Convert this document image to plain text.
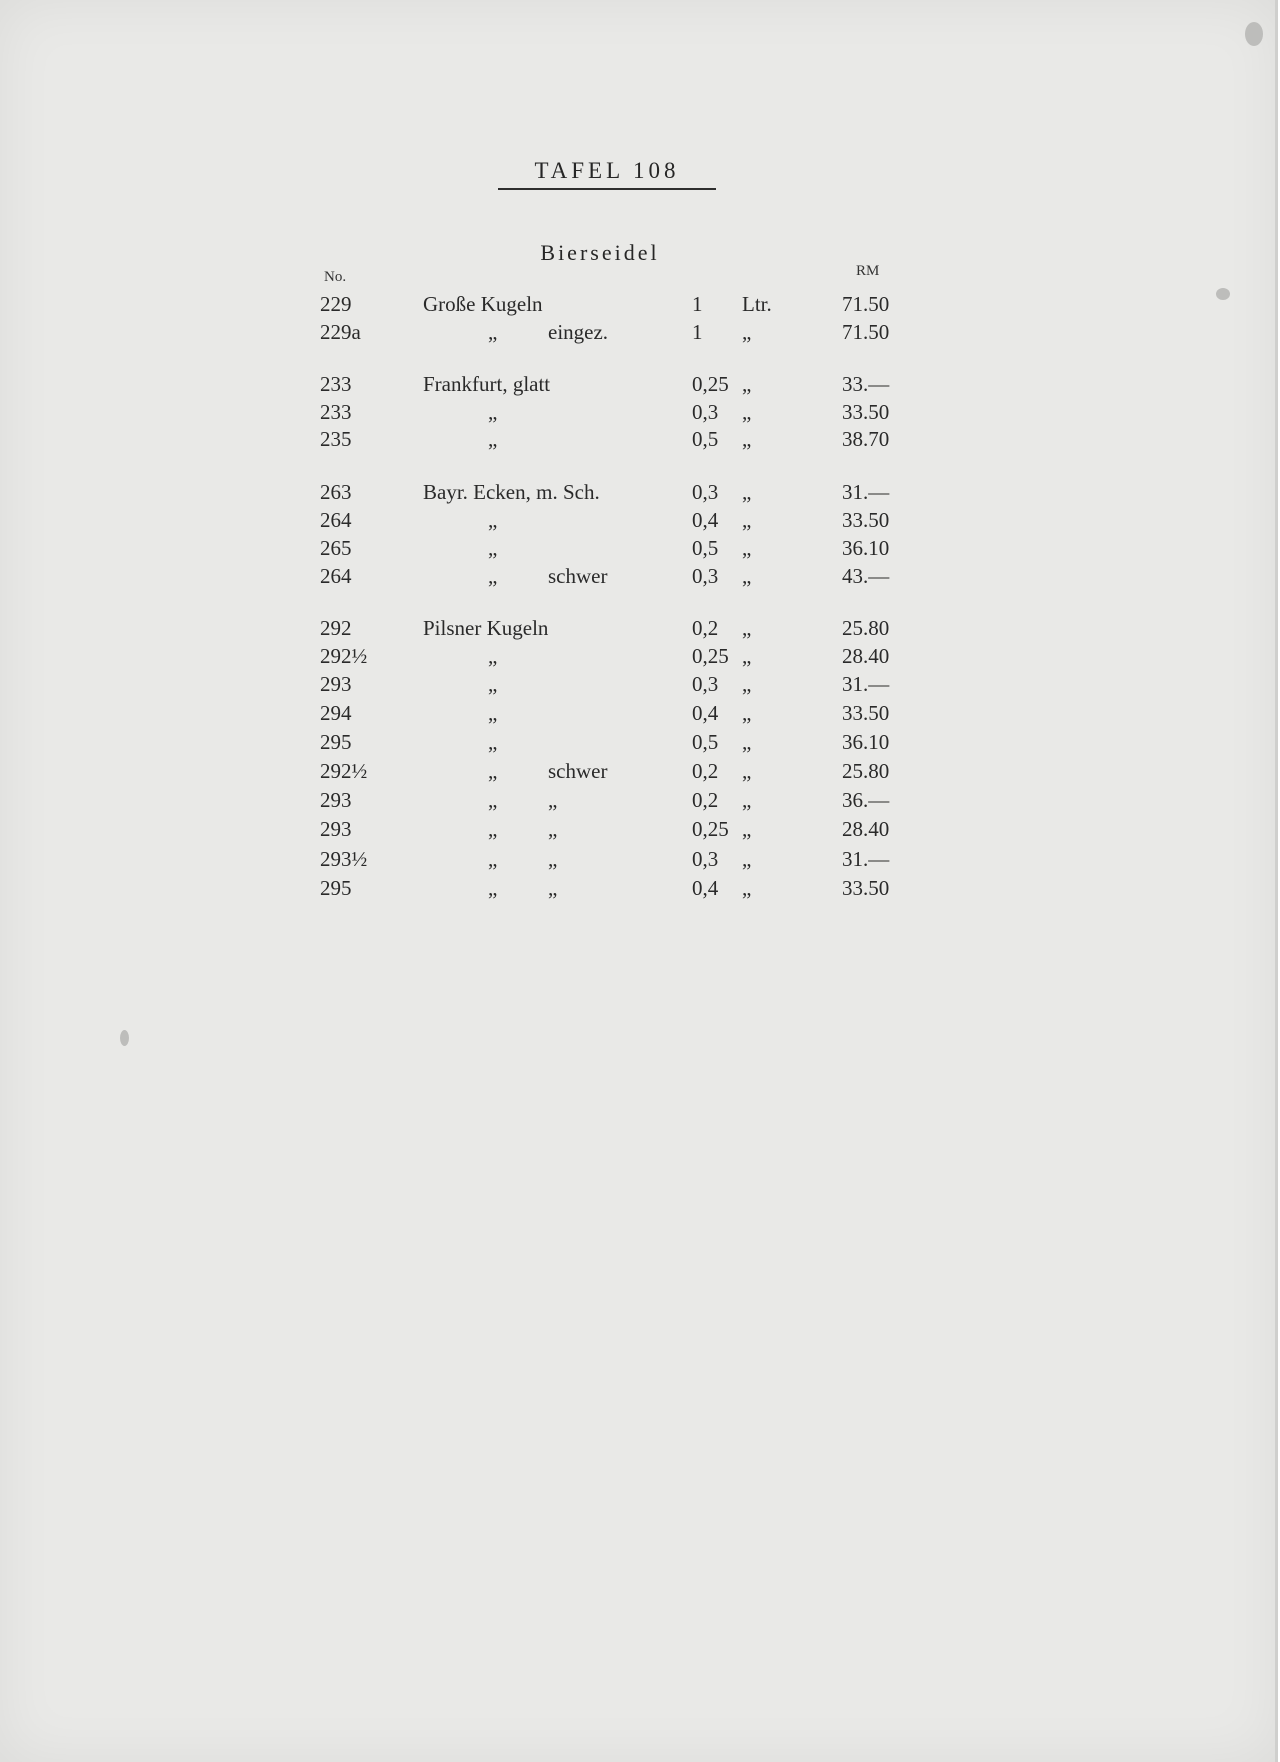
TAFEL 108
Bierseidel
No.	RM
229	Große Kugeln	1 Ltr.	71.50
229a	„ eingez.	1 „	71.50
233	Frankfurt, glatt	0,25 „	33.—
233	„	0,3 „	33.50
235	„	0,5 „	38.70
263	Bayr. Ecken, m. Sch.	0,3 „	31.—
264	„	0,4 „	33.50
265	„	0,5 „	36.10
264	„ schwer	0,3 „	43.—
292	Pilsner Kugeln	0,2 „	25.80
292½	„	0,25 „	28.40
293	„	0,3 „	31.—
294	„	0,4 „	33.50
295	„	0,5 „	36.10
292½	„ schwer	0,2 „	25.80
293	„ „	0,2 „	36.—
293	„ „	0,25 „	28.40
293½	„ „	0,3 „	31.—
295	„ „	0,4 „	33.50
